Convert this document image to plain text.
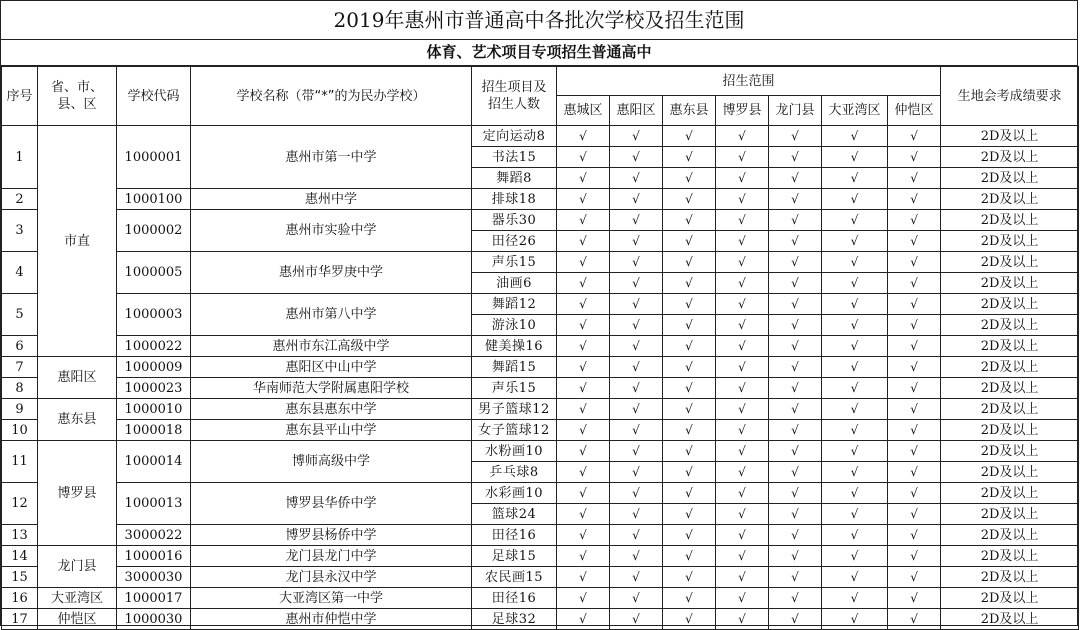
2019年惠州市普通高中各批次学校及招生范围
体育、艺术项目专项招生普通高中
序号	省、市、县、区	学校代码	学校名称（带“*”的为民办学校）	招生项目及招生人数	招生范围							生地会考成绩要求
					惠城区	惠阳区	惠东县	博罗县	龙门县	大亚湾区	仲恺区	
1	市直	1000001	惠州市第一中学	定向运动8	√	√	√	√	√	√	√	2D及以上
				书法15	√	√	√	√	√	√	√	2D及以上
				舞蹈8	√	√	√	√	√	√	√	2D及以上
2		1000100	惠州中学	排球18	√	√	√	√	√	√	√	2D及以上
3		1000002	惠州市实验中学	器乐30	√	√	√	√	√	√	√	2D及以上
				田径26	√	√	√	√	√	√	√	2D及以上
4		1000005	惠州市华罗庚中学	声乐15	√	√	√	√	√	√	√	2D及以上
				油画6	√	√	√	√	√	√	√	2D及以上
5		1000003	惠州市第八中学	舞蹈12	√	√	√	√	√	√	√	2D及以上
				游泳10	√	√	√	√	√	√	√	2D及以上
6		1000022	惠州市东江高级中学	健美操16	√	√	√	√	√	√	√	2D及以上
7	惠阳区	1000009	惠阳区中山中学	舞蹈15	√	√	√	√	√	√	√	2D及以上
8		1000023	华南师范大学附属惠阳学校	声乐15	√	√	√	√	√	√	√	2D及以上
9	惠东县	1000010	惠东县惠东中学	男子篮球12	√	√	√	√	√	√	√	2D及以上
10		1000018	惠东县平山中学	女子篮球12	√	√	√	√	√	√	√	2D及以上
11	博罗县	1000014	博师高级中学	水粉画10	√	√	√	√	√	√	√	2D及以上
				乒乓球8	√	√	√	√	√	√	√	2D及以上
12		1000013	博罗县华侨中学	水彩画10	√	√	√	√	√	√	√	2D及以上
				篮球24	√	√	√	√	√	√	√	2D及以上
13		3000022	博罗县杨侨中学	田径16	√	√	√	√	√	√	√	2D及以上
14	龙门县	1000016	龙门县龙门中学	足球15	√	√	√	√	√	√	√	2D及以上
15		3000030	龙门县永汉中学	农民画15	√	√	√	√	√	√	√	2D及以上
16	大亚湾区	1000017	大亚湾区第一中学	田径16	√	√	√	√	√	√	√	2D及以上
17	仲恺区	1000030	惠州市仲恺中学	足球32	√	√	√	√	√	√	√	2D及以上
